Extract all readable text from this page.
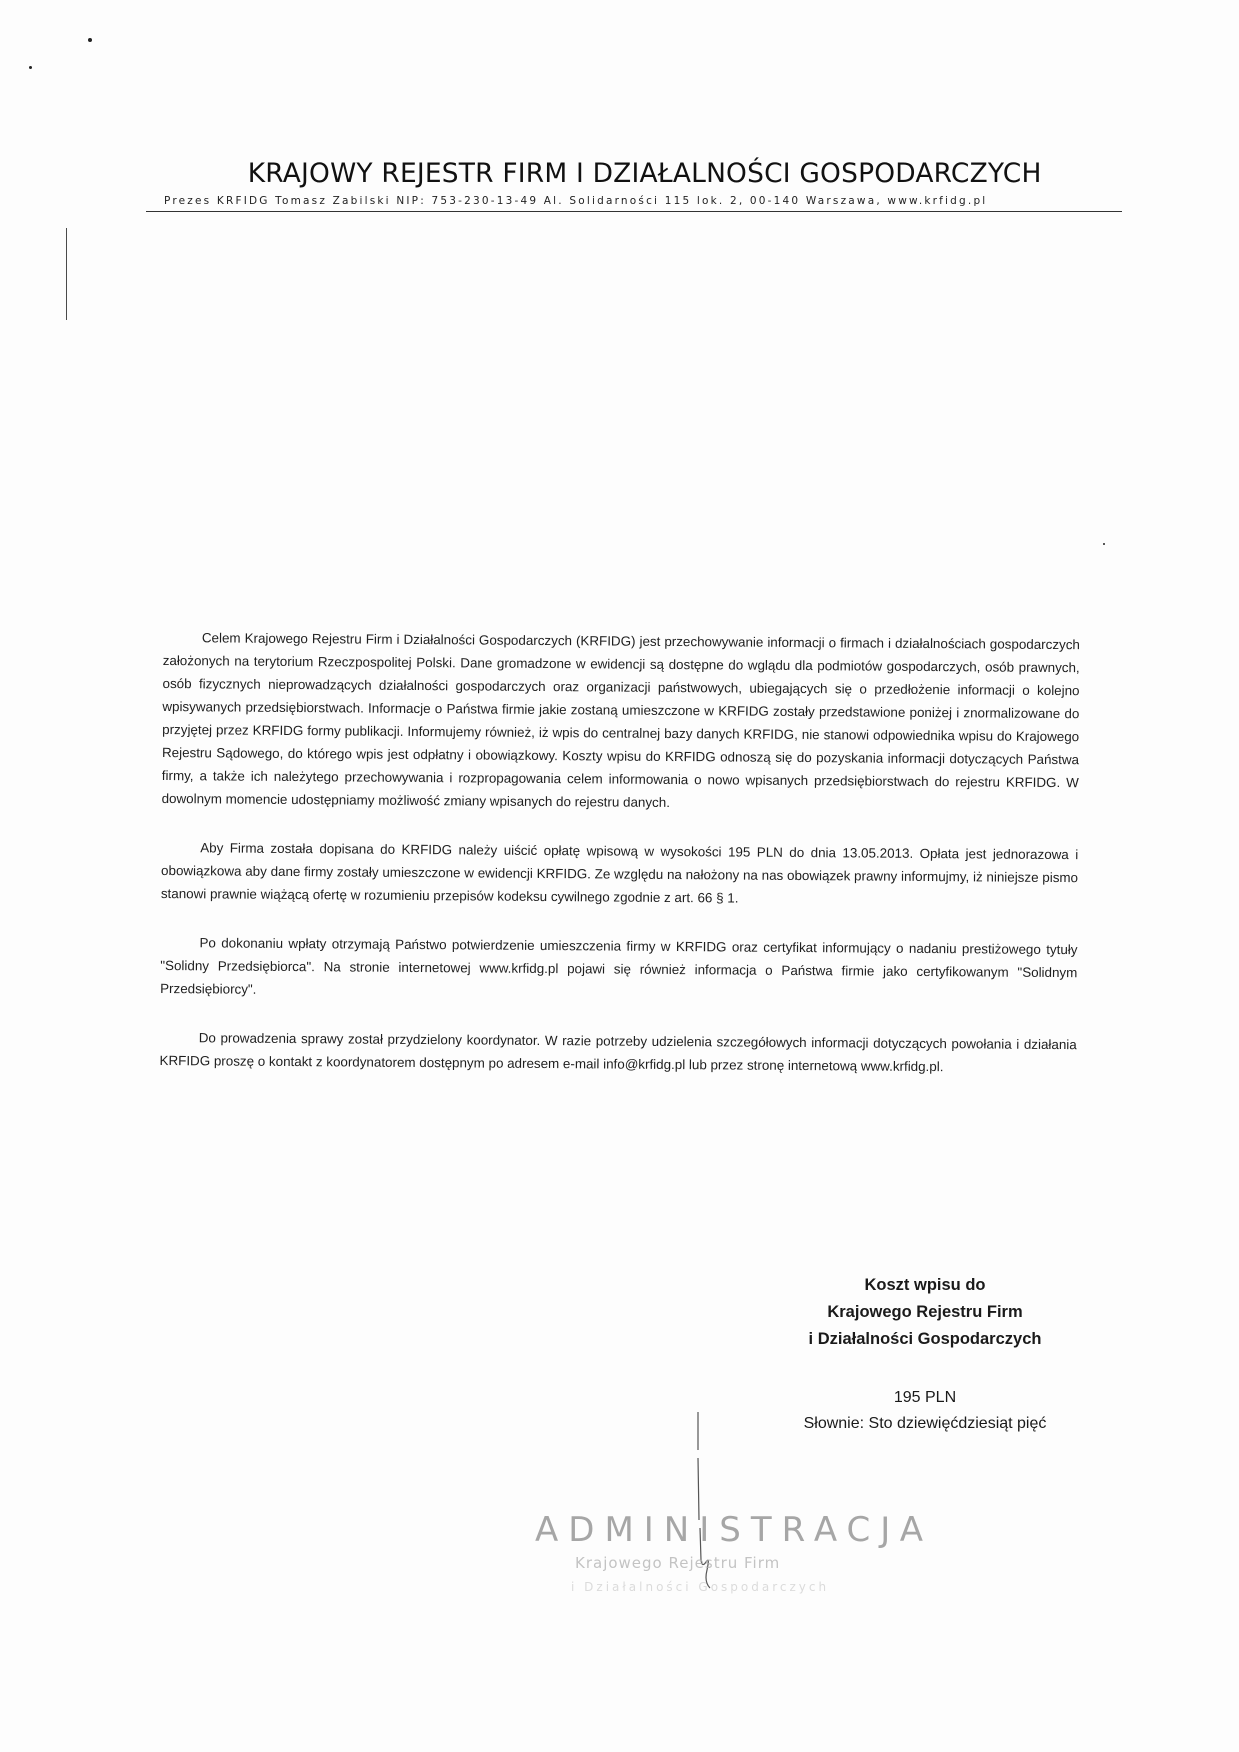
KRAJOWY REJESTR FIRM I DZIAŁALNOŚCI GOSPODARCZYCH
Prezes KRFIDG Tomasz Zabilski NIP: 753-230-13-49 Al. Solidarności 115 lok. 2, 00-140 Warszawa, www.krfidg.pl

Celem Krajowego Rejestru Firm i Działalności Gospodarczych (KRFIDG) jest przechowywanie informacji o firmach i działalnościach gospodarczych założonych na terytorium Rzeczpospolitej Polski. Dane gromadzone w ewidencji są dostępne do wglądu dla podmiotów gospodarczych, osób prawnych, osób fizycznych nieprowadzących działalności gospodarczych oraz organizacji państwowych, ubiegających się o przedłożenie informacji o kolejno wpisywanych przedsiębiorstwach. Informacje o Państwa firmie jakie zostaną umieszczone w KRFIDG zostały przedstawione poniżej i znormalizowane do przyjętej przez KRFIDG formy publikacji. Informujemy również, iż wpis do centralnej bazy danych KRFIDG, nie stanowi odpowiednika wpisu do Krajowego Rejestru Sądowego, do którego wpis jest odpłatny i obowiązkowy. Koszty wpisu do KRFIDG odnoszą się do pozyskania informacji dotyczących Państwa firmy, a także ich należytego przechowywania i rozpropagowania celem informowania o nowo wpisanych przedsiębiorstwach do rejestru KRFIDG. W dowolnym momencie udostępniamy możliwość zmiany wpisanych do rejestru danych.

Aby Firma została dopisana do KRFIDG należy uiścić opłatę wpisową w wysokości 195 PLN do dnia 13.05.2013. Opłata jest jednorazowa i obowiązkowa aby dane firmy zostały umieszczone w ewidencji KRFIDG. Ze względu na nałożony na nas obowiązek prawny informujmy, iż niniejsze pismo stanowi prawnie wiążącą ofertę w rozumieniu przepisów kodeksu cywilnego zgodnie z art. 66 § 1.

Po dokonaniu wpłaty otrzymają Państwo potwierdzenie umieszczenia firmy w KRFIDG oraz certyfikat informujący o nadaniu prestiżowego tytuły "Solidny Przedsiębiorca". Na stronie internetowej www.krfidg.pl pojawi się również informacja o Państwa firmie jako certyfikowanym "Solidnym Przedsiębiorcy".

Do prowadzenia sprawy został przydzielony koordynator. W razie potrzeby udzielenia szczegółowych informacji dotyczących powołania i działania KRFIDG proszę o kontakt z koordynatorem dostępnym po adresem e-mail info@krfidg.pl lub przez stronę internetową www.krfidg.pl.

Koszt wpisu do
Krajowego Rejestru Firm
i Działalności Gospodarczych
195 PLN
Słownie: Sto dziewięćdziesiąt pięć
ADMINISTRACJA
Krajowego Rejestru Firm
i Działalności Gospodarczych
